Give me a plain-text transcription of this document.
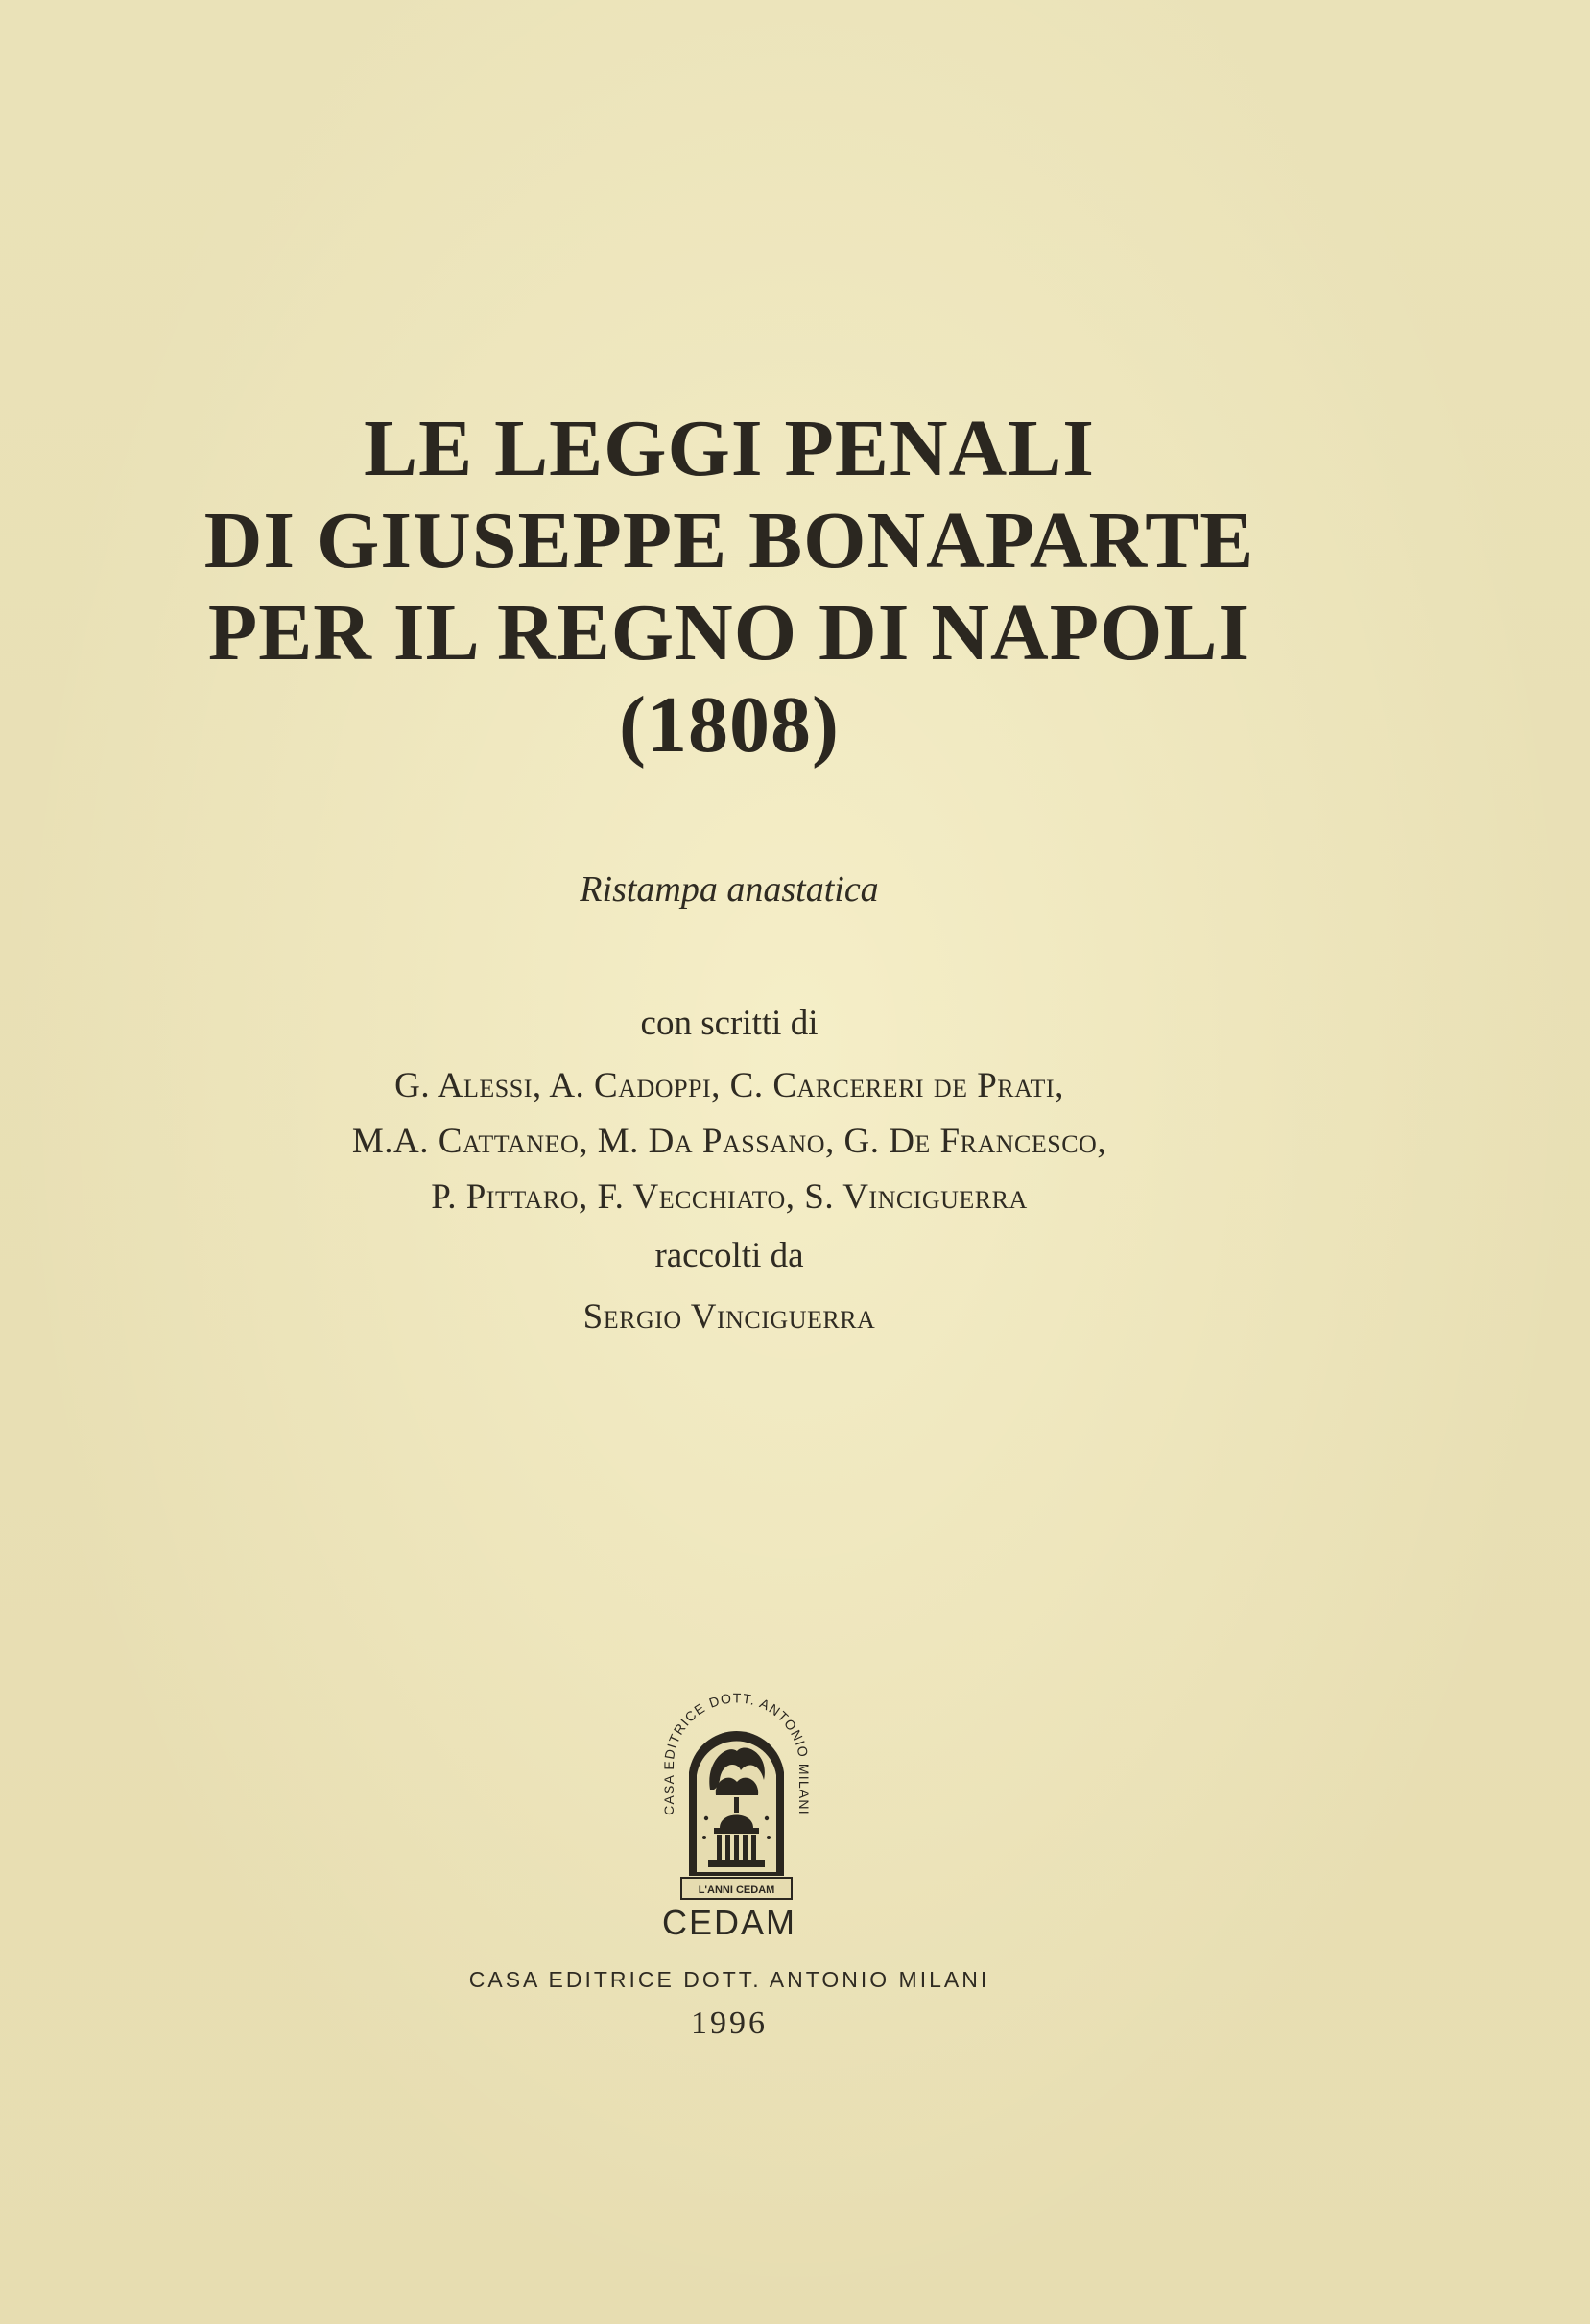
LE LEGGI PENALI
DI GIUSEPPE BONAPARTE
PER IL REGNO DI NAPOLI
(1808)
Ristampa anastatica
con scritti di
G. Alessi, A. Cadoppi, C. Carcereri de Prati,
M.A. Cattaneo, M. Da Passano, G. De Francesco,
P. Pittaro, F. Vecchiato, S. Vinciguerra
raccolti da
Sergio Vinciguerra
L'ANNI CEDAM
CASA EDITRICE DOTT. ANTONIO MILANI
CEDAM
CASA EDITRICE DOTT. ANTONIO MILANI
1996
